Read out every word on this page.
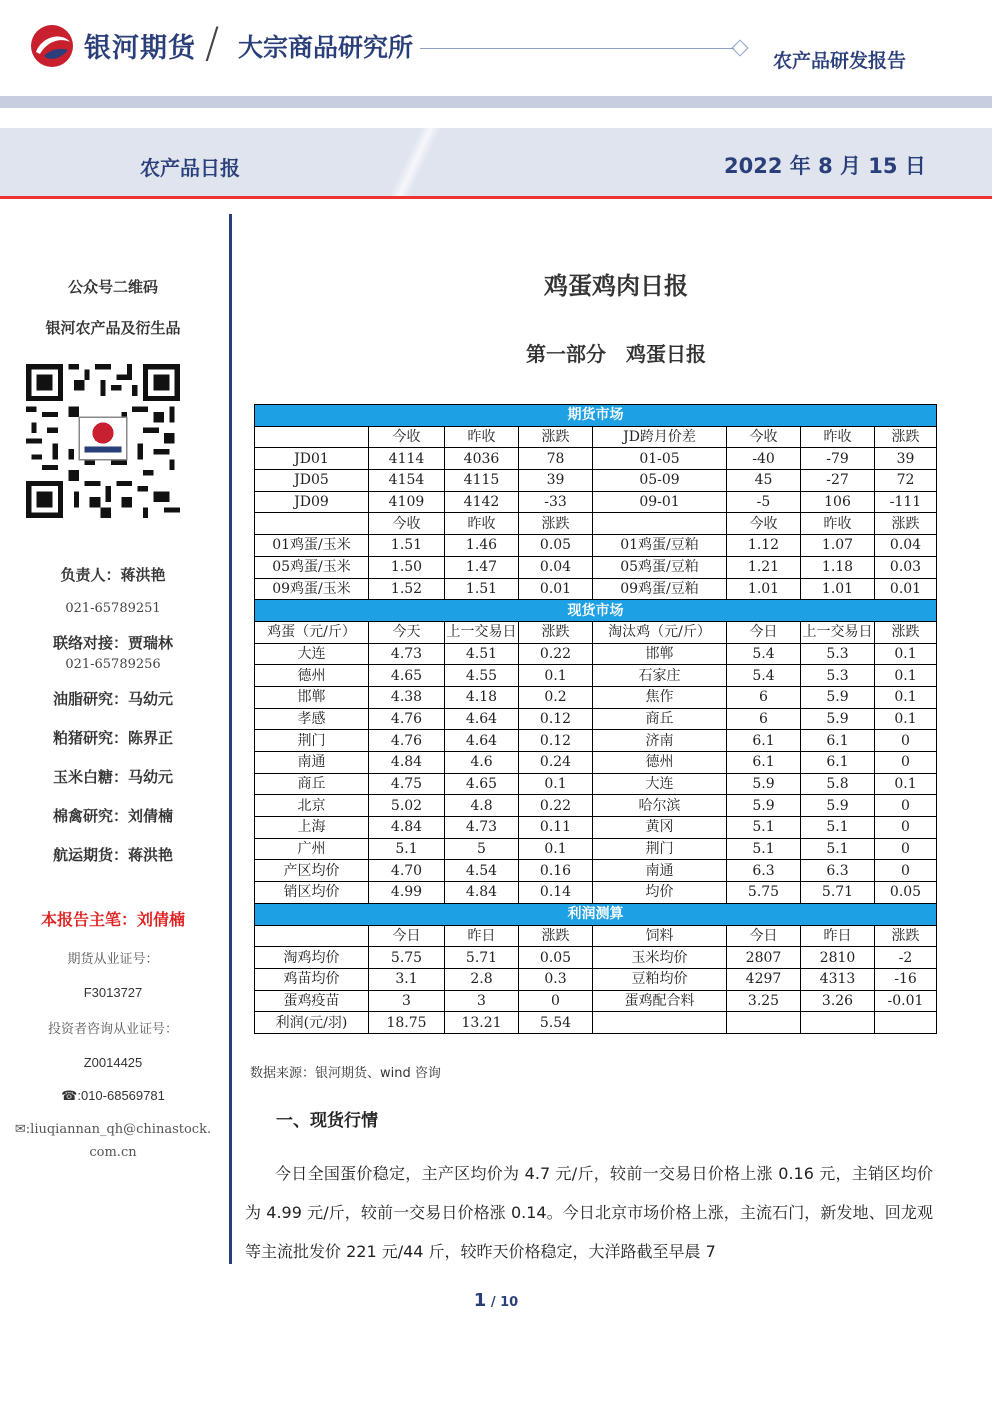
银河期货 / 大宗商品研究所	农产品研发报告
农产品日报	2022 年 8 月 15 日
公众号二维码
银河农产品及衍生品
负责人：蒋洪艳
021-65789251
联络对接：贾瑞林
021-65789256
油脂研究：马幼元
粕猪研究：陈界正
玉米白糖：马幼元
棉禽研究：刘倩楠
航运期货：蒋洪艳
本报告主笔：刘倩楠
期货从业证号：
F3013727
投资者咨询从业证号：
Z0014425
☎:010-68569781
✉:liuqiannan_qh@chinastock.
com.cn
鸡蛋鸡肉日报
第一部分　鸡蛋日报
期货市场							
	今收	昨收	涨跌	JD跨月价差	今收	昨收	涨跌
JD01	4114	4036	78	01-05	-40	-79	39
JD05	4154	4115	39	05-09	45	-27	72
JD09	4109	4142	-33	09-01	-5	106	-111
	今收	昨收	涨跌		今收	昨收	涨跌
01鸡蛋/玉米	1.51	1.46	0.05	01鸡蛋/豆粕	1.12	1.07	0.04
05鸡蛋/玉米	1.50	1.47	0.04	05鸡蛋/豆粕	1.21	1.18	0.03
09鸡蛋/玉米	1.52	1.51	0.01	09鸡蛋/豆粕	1.01	1.01	0.01
现货市场							
鸡蛋（元/斤）	今天	上一交易日	涨跌	淘汰鸡（元/斤）	今日	上一交易日	涨跌
大连	4.73	4.51	0.22	邯郸	5.4	5.3	0.1
德州	4.65	4.55	0.1	石家庄	5.4	5.3	0.1
邯郸	4.38	4.18	0.2	焦作	6	5.9	0.1
孝感	4.76	4.64	0.12	商丘	6	5.9	0.1
荆门	4.76	4.64	0.12	济南	6.1	6.1	0
南通	4.84	4.6	0.24	德州	6.1	6.1	0
商丘	4.75	4.65	0.1	大连	5.9	5.8	0.1
北京	5.02	4.8	0.22	哈尔滨	5.9	5.9	0
上海	4.84	4.73	0.11	黄冈	5.1	5.1	0
广州	5.1	5	0.1	荆门	5.1	5.1	0
产区均价	4.70	4.54	0.16	南通	6.3	6.3	0
销区均价	4.99	4.84	0.14	均价	5.75	5.71	0.05
利润测算							
	今日	昨日	涨跌	饲料	今日	昨日	涨跌
淘鸡均价	5.75	5.71	0.05	玉米均价	2807	2810	-2
鸡苗均价	3.1	2.8	0.3	豆粕均价	4297	4313	-16
蛋鸡疫苗	3	3	0	蛋鸡配合料	3.25	3.26	-0.01
利润(元/羽)	18.75	13.21	5.54				
数据来源：银河期货、wind 咨询
一、现货行情
今日全国蛋价稳定，主产区均价为 4.7 元/斤，较前一交易日价格上涨 0.16 元，主销区均价为 4.99 元/斤，较前一交易日价格涨 0.14。今日北京市场价格上涨，主流石门，新发地、回龙观等主流批发价 221 元/44 斤，较昨天价格稳定，大洋路截至早晨 7
1 / 10
